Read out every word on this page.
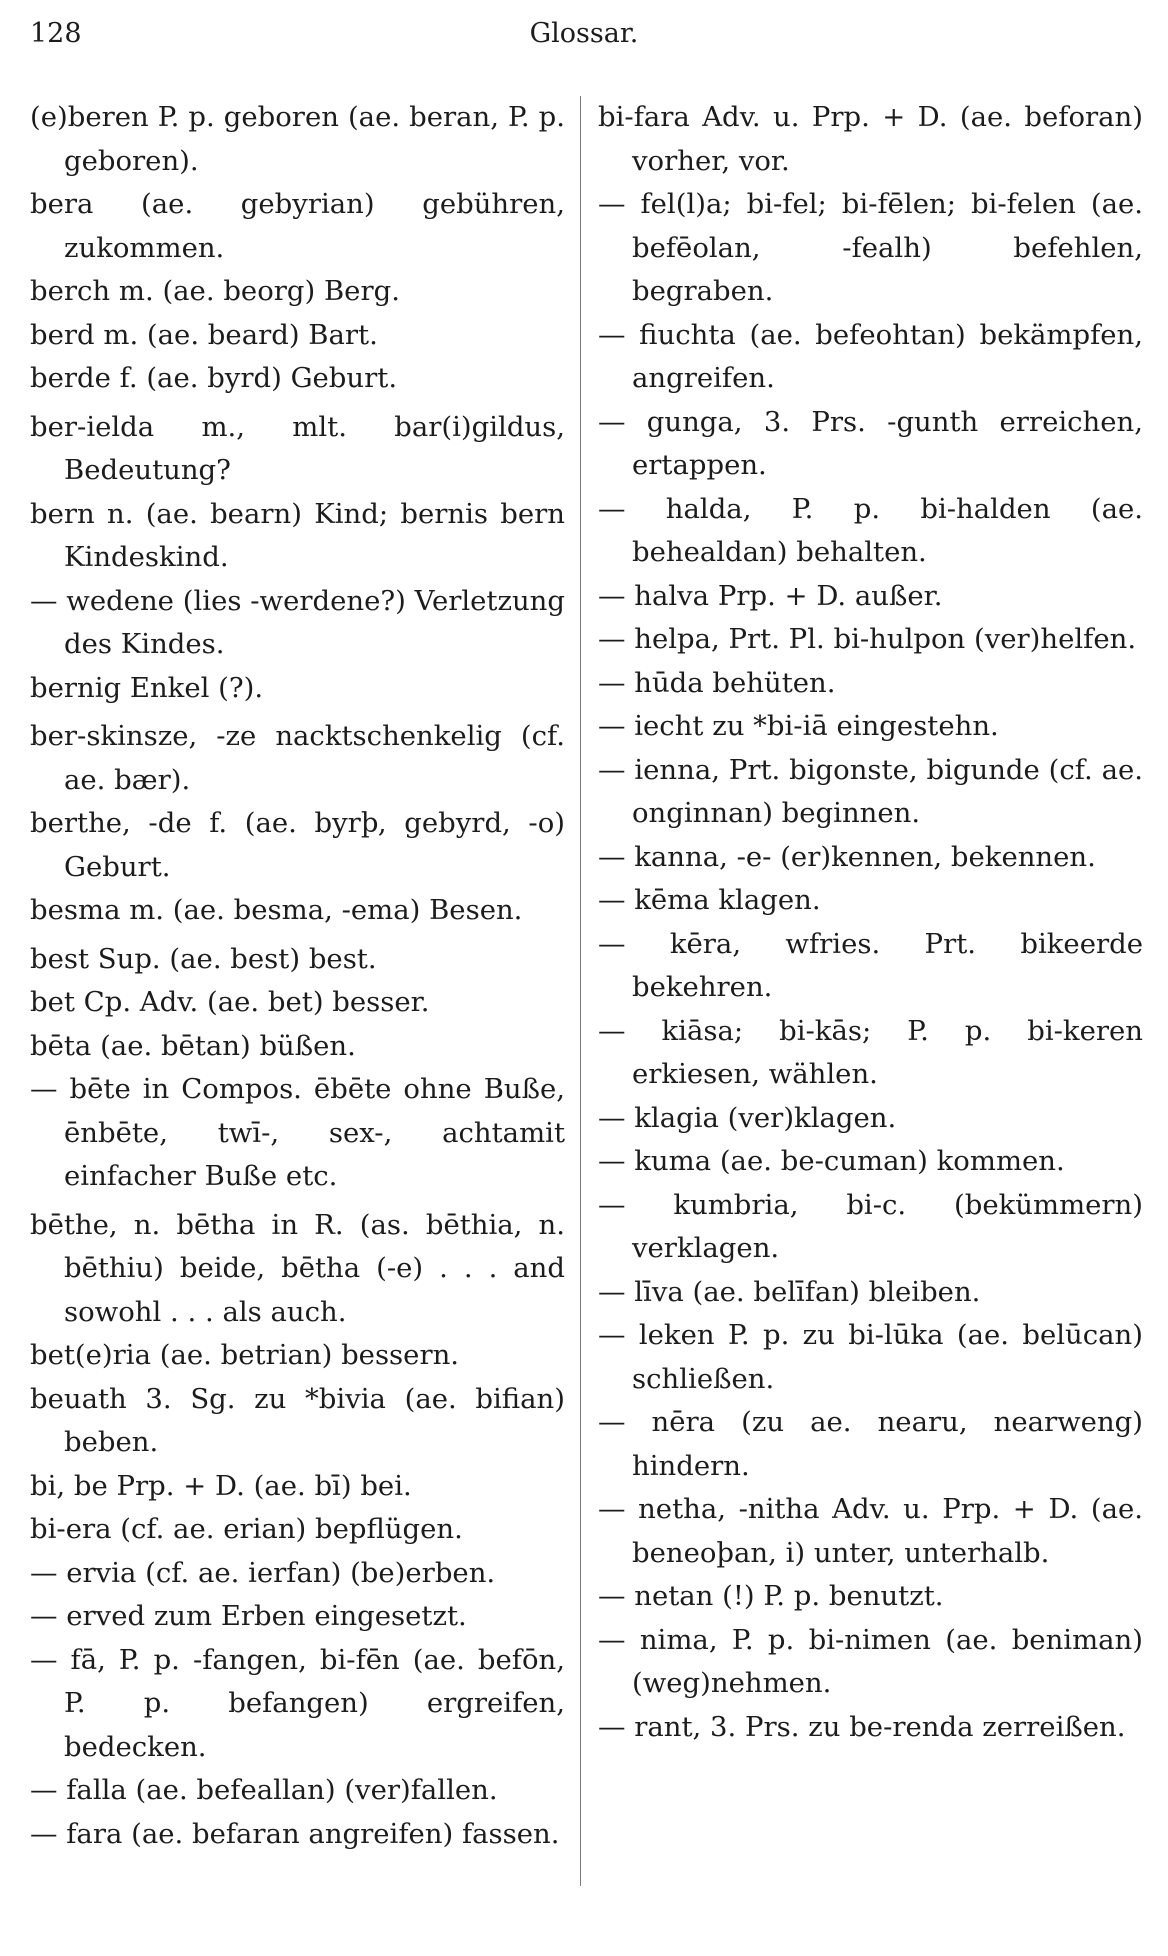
128	Glossar.

(e)beren P. p. geboren (ae. beran, P. p. geboren).

bera (ae. gebyrian) gebühren, zukommen.

berch m. (ae. beorg) Berg.

berd m. (ae. beard) Bart.

berde f. (ae. byrd) Geburt.

ber-ielda m., mlt. bar(i)gildus, Bedeutung?

bern n. (ae. bearn) Kind; bernis bern Kindeskind.

— wedene (lies -werdene?) Verletzung des Kindes.

bernig Enkel (?).

ber-skinsze, -ze nacktschenkelig (cf. ae. bær).

berthe, -de f. (ae. byrþ, gebyrd, -o) Geburt.

besma m. (ae. besma, -ema) Besen.

best Sup. (ae. best) best.

bet Cp. Adv. (ae. bet) besser.

bēta (ae. bētan) büßen.

— bēte in Compos. ēbēte ohne Buße, ēnbēte, twī-, sex-, achtamit einfacher Buße etc.

bēthe, n. bētha in R. (as. bēthia, n. bēthiu) beide, bētha (-e) . . . and sowohl . . . als auch.

bet(e)ria (ae. betrian) bessern.

beuath 3. Sg. zu *bivia (ae. bifian) beben.

bi, be Prp. + D. (ae. bī) bei.

bi-era (cf. ae. erian) bepflügen.

— ervia (cf. ae. ierfan) (be)erben.

— erved zum Erben eingesetzt.

— fā, P. p. -fangen, bi-fēn (ae. befōn, P. p. befangen) ergreifen, bedecken.

— falla (ae. befeallan) (ver)fallen.

— fara (ae. befaran angreifen) fassen.

bi-fara Adv. u. Prp. + D. (ae. beforan) vorher, vor.

— fel(l)a; bi-fel; bi-fēlen; bi-felen (ae. befēolan, -fealh) befehlen, begraben.

— fiuchta (ae. befeohtan) bekämpfen, angreifen.

— gunga, 3. Prs. -gunth erreichen, ertappen.

— halda, P. p. bi-halden (ae. behealdan) behalten.

— halva Prp. + D. außer.

— helpa, Prt. Pl. bi-hulpon (ver)helfen.

— hūda behüten.

— iecht zu *bi-iā eingestehn.

— ienna, Prt. bigonste, bigunde (cf. ae. onginnan) beginnen.

— kanna, -e- (er)kennen, bekennen.

— kēma klagen.

— kēra, wfries. Prt. bikeerde bekehren.

— kiāsa; bi-kās; P. p. bi-keren erkiesen, wählen.

— klagia (ver)klagen.

— kuma (ae. be-cuman) kommen.

— kumbria, bi-c. (bekümmern) verklagen.

— līva (ae. belīfan) bleiben.

— leken P. p. zu bi-lūka (ae. belūcan) schließen.

— nēra (zu ae. nearu, nearweng) hindern.

— netha, -nitha Adv. u. Prp. + D. (ae. beneoþan, i) unter, unterhalb.

— netan (!) P. p. benutzt.

— nima, P. p. bi-nimen (ae. beniman) (weg)nehmen.

— rant, 3. Prs. zu be-renda zerreißen.
